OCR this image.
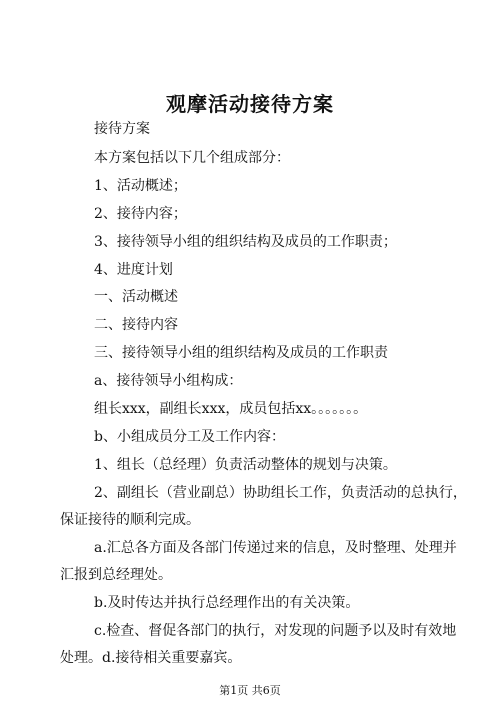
观摩活动接待方案
接待方案
本方案包括以下几个组成部分：
1、活动概述；
2、接待内容；
3、接待领导小组的组织结构及成员的工作职责；
4、进度计划
一、活动概述
二、接待内容
三、接待领导小组的组织结构及成员的工作职责
a、接待领导小组构成：
组长xxx，副组长xxx，成员包括xx。。。。。。。
b、小组成员分工及工作内容：
1、组长（总经理）负责活动整体的规划与决策。
2、副组长（营业副总）协助组长工作，负责活动的总执行，
保证接待的顺利完成。
a.汇总各方面及各部门传递过来的信息，及时整理、处理并
汇报到总经理处。
b.及时传达并执行总经理作出的有关决策。
c.检查、督促各部门的执行，对发现的问题予以及时有效地
处理。d.接待相关重要嘉宾。
第1页 共6页
